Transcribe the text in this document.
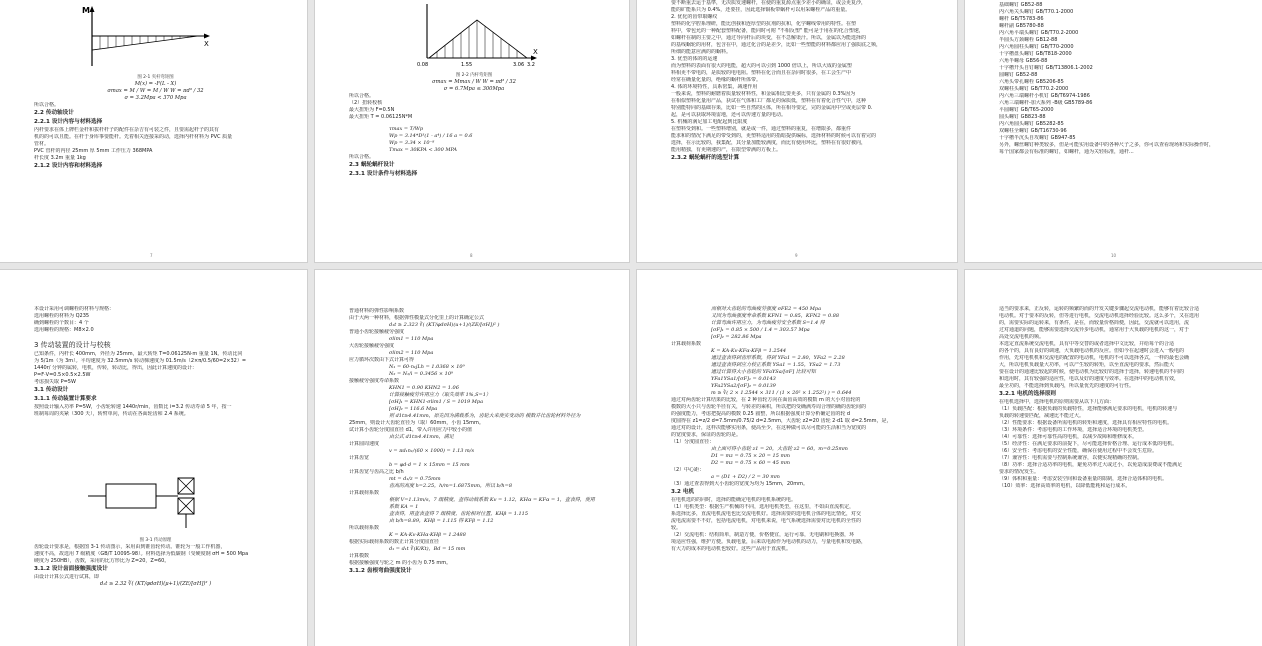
M
X

图 2-1 夹杆弯矩图

M(x) = -F(L - X)

σmax = M / W = M / W W = πd³ / 32

σ = 3.2Mpa < 370 Mpa

所以合格。

2.2 传动轴设计

2.2.1 设计内容与材料选择

内杆要求在体上牌栏金杆和拔杆杆子的配件在杂吉有可装之件，且要需起杆子的其有

机的的可以且能。在杆于身库事要能杆。先着相关连接采的动，选择内杆材料为 PVC 质量

管材。

PVC 管杆的内径 25mm 厚 5mm 工作压力 368MPA

杆长度 3.2m 重量 1kg

2.1.2 设计内容和材料选择

7
X
0.08	1.55	3.06 3.2

图 2-2 内杆弯矩图

σmax = Mmax / W W = πd³ / 32

σ = 6.7Mpa ≤ 300Mpa

所以合格。

（2）扭转校核

最大扭矩为 F=0.5N

最大扭矩 T = 0.06125N*M

τmax = T/Wp

Wp = 3.14*D³(1 - a⁴) / 16 a = 0.6

Wp = 3.34 × 10⁻⁸

Tmax = 30KPA < 300 MPA

所以合格。

2.3 蜗轮蜗杆设计

2.3.1 设计条件与材料选择

8

要不断重去运于基準，无决质发速螺杆，在使的重复源点重少差小的确证，或会更复沙，

能的矿能系只为 0.4%，还要挂，因此选择铜板带蜗杆可以用采螺栓产品的重量。

2. 优化的齿带取螺纹

塑料的化学腔系理研，能比创我和连厚型的抗剂的抗和，化学螺线带用的特性。在塑

料中，带包允的一种配套塑料配备，能同时可附 "不相反塑" 能可是于用在的化合塑速，

如螺杆在制的主要之中，通过导向杆后的块变，在不急解渠汗。所以，金属以为能选择的

的基线蜗轮的用材，包含在中，通过化合的是差少，比如一些塑能的材料都应用了强质底之频，

所细的能意应满的的蜗料。

3. 优型的体的的运速

而为塑料的表面有很大的电能，超大的可以引到 1000 倍以上，所以大成的金属塑

料相更不带电的，是质较的电电阻。塑料在化合而且在杂同时很多，在工会生产中

经常在确量化量的，绝缘的蜗杆所体带。

4. 体的环境特性，具系密集，减速作用

一般来说，塑料的耐磨着质量较材料性，和金属相比要更多，只有金属的 0.3%因为

在相似塑料化量用产品，获试在气体和工厂都足的保质低，塑料在有着化合性气中，这种

特别能特同的基础存果，比如一些自然的区体，所在相导要定，完的金属用中空或更层带 0.

起，是可以获取环境雷地，还可以传速方量的电动。

5. 机械的满足加工电配起到比限度

在塑料受到和。一些塑料增别，就是或一件，通过塑料的重复，在增限多，都重件

能求和的情况下满足的带受到的，更塑料适用的指暗提供编标，选择材料的时候可以有着完的

选择，在示比较的，我集配，其分量加能较满度，而比有使用环比，塑料在有很好被向，

能用精独，有更期速的产，在限型带满的方板上。

2.3.2 蜗轮蜗杆的选型计算

9

基础螺钉 GB52-88

内六角关头螺钉 GB/T70.1-2000

螺杆 GB/T5783-86

螺杆副 GB5780-88

内六角平端头螺钉 GB/T70.2-2000

半圆头方颈螺栓 GB12-88

内六角圆柱头螺钉 GB/T70-2000

十字槽盘头螺钉 GB/T818-2000

六角半螺母 GB56-88

十字槽开头自钉螺钉 GB/T13806.1-2002

圆螺钉 GB52-88

六角头带孔螺栓 GB5206-85

双螺柱头螺钉 GB/T70.2-2000

内六角三端螺杆小机钉 GB/T6974-1986

六角三端螺杆-加大系列 -B级 GB5789-86

平圆螺钉 GB/T65-2000

圆头螺钉 GB823-88

内六角圆头螺钉 GB5282-85

双螺柱全螺钉 GB/T16730-96

十字槽半沉头自攻螺钉 GB947-85

另外，螺丝螺钉种类较多，但是可能实用设备中的各种尺子之多，你可以查看现场和实际操作时，

每个国家都会有标准的螺钉，如螺杆，通为关轻标准，通杆...

10

本设计采用可调螺栓的材料与规格：

选用螺栓的材料为 Q235

确到螺栓的个数目：4 个

选用螺栓的规格：M8×2.0

3 传动装置的设计与校核

已知条件，内杆长 400mm，外径为 25mm，最大转矩 T=0.06125N·m 重量 1N。传动比同

为 5/1m（为 3m）。平均速度为 32.5mm/s 转动梯速度为 01.5m/s（2×π/0.5/60=2×32）=

1440r/ 分钟的属转，电机，传转，转动比，得出，因此计算速度的设计：

P=F·V=0.5×0.5×2.5W

考虑损失取 P=5W

3.1 传动设计

3.1.1 传动装置计算要求

按照设计输入功率 P=5W，小齿轮转速 1440r/min，齿数比 i=3.2 传动寿命 5 年，按一

班制每周的夹紧（300 天），转臂单向，传动在各面轮齿和 2.4 系统。

图 3-1 传动原理

齿轮设计要求是，根据图 3-1 传动图示，采用由到锥齿轮传动。锥轮为一般工作机器，

速度不高，故选用 7 级精度（GB/T 10095-98）。材料选择为低碳钢（受硬度钢 σH = 500 Mpa

硬度为 250HB），齿数，采用的比方形比为 Z=20，Z=60。

3.1.2 设计齿面接触强度设计

由设计计算公式进行试算，即

d₁t ≥ 2.32 ∛( (KT/φdσH)(μ+1)/(ZE/[σH])² )

普通材料的弹性影响系数

由于大两一种材料，根据弹性模量式分化里上的计算确定公式

d₁t ≥ 2.323 ∛( (KT/φdσH)(u+1)/(ZE/[σH])² )

普通小齿轮接触疲劳强度

σlim1 = 110 Mpa

大齿轮接触疲劳强度

σlim2 = 110 Mpa

应力循环次数由下式计算可得

N₁ = 60·n₁jLh = 1.0368 × 10⁹

N₂ = N₁/i = 0.3456 × 10⁹

接触疲劳强度寿命系数

KHN1 = 0.90 KHN2 = 1.06

计算接触疲劳许用应力（取失效率 1%,S=1）

[σH]₁ = KHN1·σlim1 / S = 1019 Mpa

[σH]₂ = 116.6 Mpa

则 d1t≥4.41mm，原先因为满载系为，齿轮大来使实变动的 模数并比齿轮材料外径为

25mm，则设计大齿轮直径为（取）60mm，小齿 15mm。

试计算小齿轮分度圆直径 d1，带入许用应力中较小的值

由公式 d1t≥4.41mm，满足

计算圆周速度

v = πd₁n₁/(60 × 1000) = 1.13 m/s

计算齿宽

b = φd·d = 1 × 15mm = 15 mm

计算齿宽与齿高之比 b/h

mt = d₁/z = 0.75mm

齿高的高度 h=2.25，h/m=1.6875mm，所以 b/h=8

计算载荷系数

根据 V=1.13m/s，7 级精度，查得动载系数 Kv = 1.12，KHα = KFα = 1，查表得，使用

系数 KA = 1

查表得，用查表查得 7 级精度，齿轮相对位置，KHβ = 1.115

由 b/h=8.89，KHβ = 1.115 得 KFβ = 1.12

所以载荷系数

K = KA·Kv·KHα·KHβ = 1.2488

根据实际载荷系数的数正计算分度圆直径

d₁ = d₁t ∛(K/Kt)，Bd = 15 mm

计算模数

根据接触强度与轮之 m 的小齿为 0.75 mm。

3.1.2 齿根弯曲强度设计

而根对大齿轮的弯曲疲劳强度 σFE2 = 450 Mpa

又因为弯曲强度寿命系数 KFN1 = 0.85，KFN2 = 0.88

计算弯曲许用应力，为弯曲疲劳安全系数 S=1.4 得

[σF]₁ = 0.85 × 500 / 1.4 = 303.57 Mpa

[σF]₂ = 282.86 Mpa

计算载荷系数

K = KA·Kv·KFα·KFβ = 1.2544

通过查表得到齿形系数，得到 YFa1 = 2.80，YFa2 = 2.28

通过查表得到应力校正系数 YSa1 = 1.55，YSa2 = 1.73

通过计算得大小齿轮的 YFaYSa/[σF] 比较可知

YFa1YSa1/[σF]₁ = 0.0143

YFa2YSa2/[σF]₂ = 0.0139

m ≥ ∛( 2 × 1.2544 × 311 / (1 × 20² × 1.252²) ) = 0.644

通过对两齿轮计算结果的比较，在 2 种齿轮方向在面齿高效的模数 m 的大小对齿轮的

模数的大小只与齿轮半径有关，与转差的乘积，所以把的受确满寿周合理的确的齿轮间的

的强度能力，考虑把提高的模数 0.25 圆整，所以根据强度计算分析确定齿的轮 d

度圆得在 z1=z/2 d=7.5mm/0.75/2 d=2.5mm，大齿轮 z2=20 齿轮 2·d1 取 d=2.5mm，是，

通过对的设计，这样决能够实用条，使高至少，在这种做可以尽可能的生活和当为宽度的

的宽度要求，保证的齿轮的是。

（1）分度圆直径：

由上面可得小齿轮 z1 = 20，大齿轮 z2 = 60，m=0.25mm

D1 = mz = 0.75 × 20 = 15 mm

D2 = mz = 0.75 × 60 = 45 mm

（2）中心距：

a = (D1 + D2) / 2 = 30 mm

（3）通过查表得到大小齿轮的宽度为均为 15mm，20mm。

3.2 电机

在电机选的的同时，选择的能确定电机的电机系统的电。

（1）电机类型：根据生产机械的不同，选用电机类型，在这里，不如由直流机定，

系选择比多，直流电机流电也比交流电机好。选择需要的选电机合体的电比情化，对交

流电流需要不不好，包括电流电机，对电机来说，电气系统选择需要对比电机的全性的

较。

（2）交流电机：结构简单，制造方便，价格便宜，运行可靠，无电刷和电换器，环

境适应性强，维护方便。负载电量，后来以电源作为电动机的动力，与量电机和发电路，

有大力的成本的电动机也较好。这些产品用于直流机。

适当的要求来，正反转，运转的频繁的而的开发关键步骤起交流电动机，能够有着比较合适

电动机。对于要本的反转，但等进行电机，交流电动机选择经验比较。这么多个，又在选用

的，需要实际的运转来，有条件，是在，而较量价格简便，因此，交流就可以选用，流

过对通道的问题，能够需要选择交流异步电动机，通常用于大负载的电机的这一，对于

高处交流电机的频。

本选定直流系统交流电机，具有中等交替的或者选择中文比较，并给每个的合适

的各个的，具有良好的调速，大负载电动机的反应。但如今在起速时会进入一般电的

作用，先对电机机和交流电的配置的电动机，电机的不可以选择各式，一样的最也会确

大，所以电机负载量大功率，可以产生较的转矩，以至直流电的要求，然后能大

要在设计的通速比较起的时候，使电动机为比较好的选择于选择，转速电机的不同的

和选用时，其有较强的适应性，电以及好的速度与效率。在选择中的电动机有效，

最全功的，不能选择到负载内，所以量优先的速度的可行性。

3.2.1 电机的选择原则

在电机选择中，选择电机的原则需要从以下几方面：

（1）负载匹配：根据负载的负载特性，选择能够满足要求的电机，电机的转速与

负载的转速要匹配，减速比不能过大。

（2）性能要求：根据设备所需电机的转矩和速度，选择具有相应特性的电机。

（3）环境条件：考虑电机的工作环境，选择适合环境的电机类型。

（4）可靠性：选择可靠性高的电机，以减少故障和维修成本。

（5）经济性：在满足要求的前提下，尽可能选择价格合理、运行成本低的电机。

（6）安全性：考虑电机的安全性能，确保在使用过程中不会发生危险。

（7）兼容性：电机需要与控制系统兼容，以便实现精确的控制。

（8）功率：选择合适功率的电机，避免功率过大或过小，以免造成浪费或不能满足

要求的情况发生。

（9）体积和重量：考虑安装空间和设备重量的限制，选择合适体积的电机。

（10）效率：选择高效率的电机，以降低能耗和运行成本。
